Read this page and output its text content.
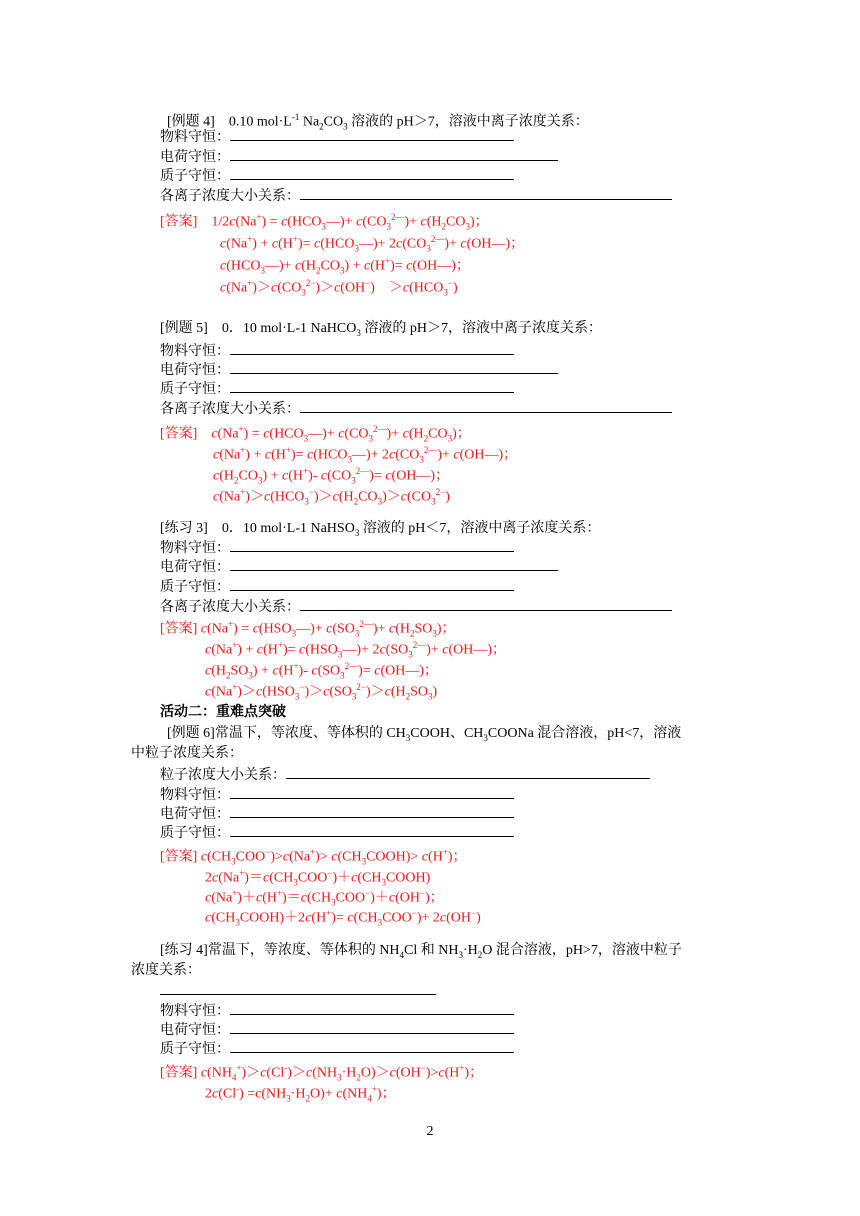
[例题 4]　0.10 $mol\cdot L^{-1}$ $Na_2CO_3$ 溶液的 pH＞7，溶液中离子浓度关系：
物料守恒：
电荷守恒：
质子守恒：
各离子浓度大小关系：
[答案]　$1/2c(Na^+) = c(HCO_3—)+ c(CO_3^{2—})+ c(H_2CO_3)$；
$c(Na^+) + c(H^+)= c(HCO_3—)+ 2c(CO_3^{2—})+$ c(OH—)；
$c(HCO_3—)+ c(H_2CO_3) + c(H^+)=$ c(OH—)；
$c(Na^+)>c(CO_3^{2-})>c(OH^-)$　$>c(HCO_3^-)$
[例题 5]　0．10 mol·L-1 NaHCO$_3$ 溶液的 pH＞7，溶液中离子浓度关系：
物料守恒：
电荷守恒：
质子守恒：
各离子浓度大小关系：
[答案]　 $c(Na^+) = c(HCO_3—)+ c(CO_3^{2—})+ c(H_2CO_3)$；
$c(Na^+) + c(H^+)= c(HCO_3—)+ 2c(CO_3^{2—})+$ c(OH—)；
$c(H_2CO_3) + c(H^+)-$ $c(CO_3^{2—})=$ c(OH—)；
$c(Na^+)>c(HCO_3^-)>c(H_2CO_3)>c(CO_3^{2-})$
[练习 3]　0．10 mol·L-1 NaHSO$_3$ 溶液的 pH＜7，溶液中离子浓度关系：
物料守恒：
电荷守恒：
质子守恒：
各离子浓度大小关系：
[答案] $c(Na^+) = c(HSO_3—)+ c(SO_3^{2—})+ c(H_2SO_3)$；
$c(Na^+) + c(H^+)= c(HSO_3—)+ 2c(SO_3^{2—})+$ c(OH—)；
$c(H_2SO_3) + c(H^+)-$ $c(SO_3^{2—})=$ c(OH—)；
$c(Na^+)>c(HSO_3^-)>c(SO_3^{2-})>c(H_2SO_3)$
活动二：重难点突破
[例题 6]常温下，等浓度、等体积的 $CH_3COOH$、$CH_3COONa$ 混合溶液，pH<7，溶液
中粒子浓度关系：
粒子浓度大小关系：
物料守恒：
电荷守恒：
质子守恒：
[答案] $c(CH_3COO^-)>c(Na^+)>$ $c(CH_3COOH)> c(H^+)$；
$2c(Na^+)=c(CH_3COO^-)+c(CH_3COOH)$
$c(Na^+)+c(H^+)=c(CH_3COO^-)+c(OH^-)$；
$c(CH_3COOH)+2c(H^+)= c(CH_3COO^-)+ 2c(OH^-)$
[练习 4]常温下，等浓度、等体积的 $NH_4Cl$ 和 $NH_3\cdot H_2O$ 混合溶液，pH>7，溶液中粒子
浓度关系：
物料守恒：
电荷守恒：
质子守恒：
[答案] $c(NH_4^+)>c(Cl^-)>c(NH_3\cdot H_2O)>c(OH^-)>c(H^+)$；
$2c(Cl^-) =c(NH_3\cdot H_2O)+ c(NH_4^+)$；
2
